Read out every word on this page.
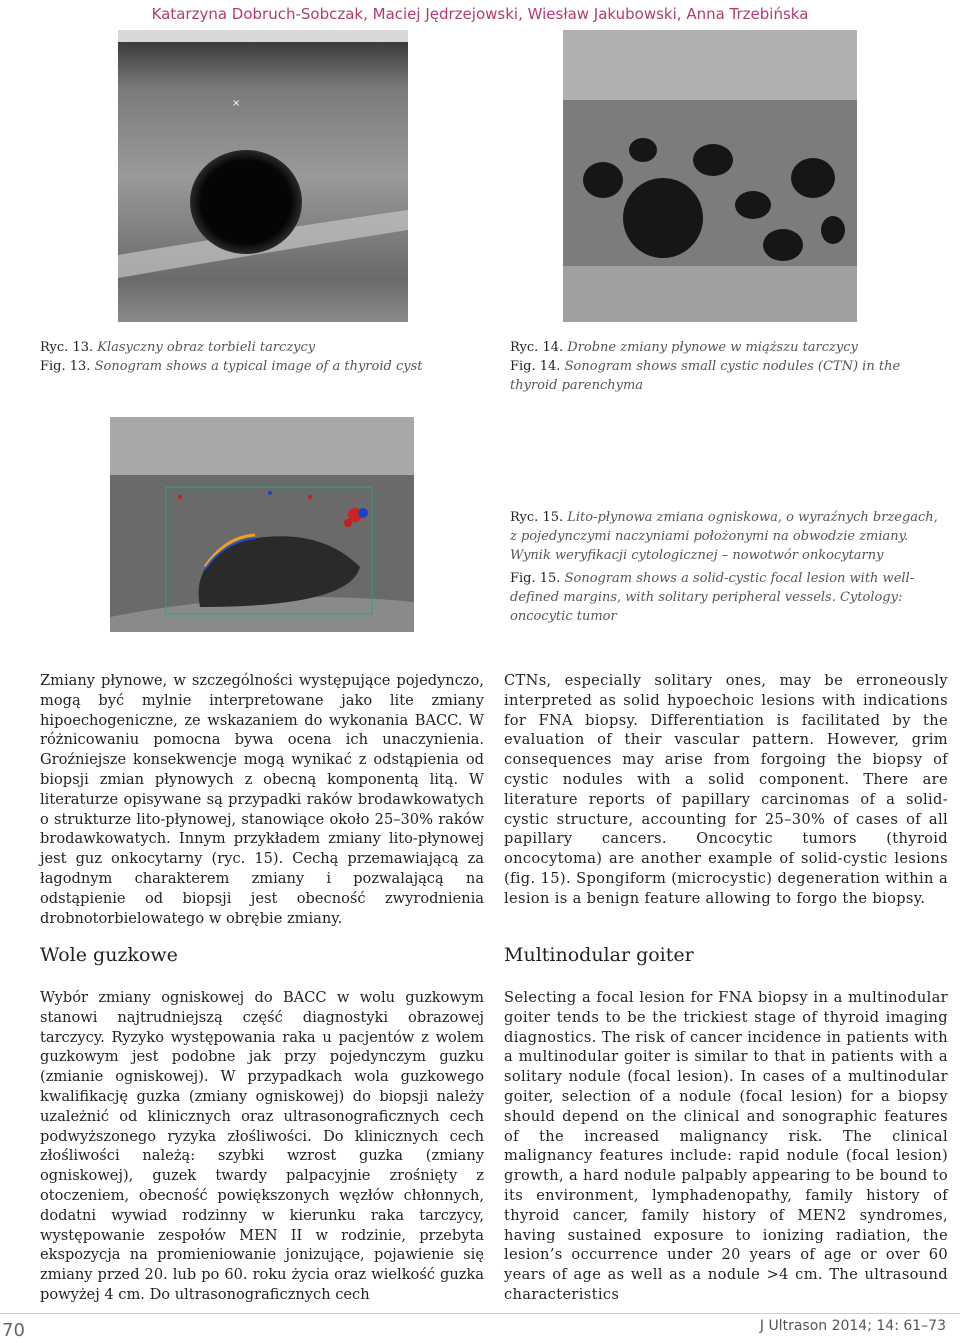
Katarzyna Dobruch-Sobczak, Maciej Jędrzejowski, Wiesław Jakubowski, Anna Trzebińska
×

Ryc. 13. Klasyczny obraz torbieli tarczycy

Fig. 13. Sonogram shows a typical image of a thyroid cyst

Ryc. 14. Drobne zmiany płynowe w miąższu tarczycy

Fig. 14. Sonogram shows small cystic nodules (CTN) in the thyroid parenchyma

Ryc. 15. Lito-płynowa zmiana ogniskowa, o wyraźnych brzegach, z pojedynczymi naczyniami położonymi na obwodzie zmiany. Wynik weryfikacji cytologicznej – nowotwór onkocytarny

Fig. 15. Sonogram shows a solid-cystic focal lesion with well-defined margins, with solitary peripheral vessels. Cytology: oncocytic tumor

Zmiany płynowe, w szczególności występujące pojedynczo, mogą być mylnie interpretowane jako lite zmiany hipoechogeniczne, ze wskazaniem do wykonania BACC. W różnicowaniu pomocna bywa ocena ich unaczynienia. Groźniejsze konsekwencje mogą wynikać z odstąpienia od biopsji zmian płynowych z obecną komponentą litą. W literaturze opisywane są przypadki raków brodawkowatych o strukturze lito-płynowej, stanowiące około 25–30% raków brodawkowatych. Innym przykładem zmiany lito-płynowej jest guz onkocytarny (ryc. 15). Cechą przemawiającą za łagodnym charakterem zmiany i pozwalającą na odstąpienie od biopsji jest obecność zwyrodnienia drobnotorbielowatego w obrębie zmiany.
CTNs, especially solitary ones, may be erroneously interpreted as solid hypoechoic lesions with indications for FNA biopsy. Differentiation is facilitated by the evaluation of their vascular pattern. However, grim consequences may arise from forgoing the biopsy of cystic nodules with a solid component. There are literature reports of papillary carcinomas of a solid-cystic structure, accounting for 25–30% of cases of all papillary cancers. Oncocytic tumors (thyroid oncocytoma) are another example of solid-cystic lesions (fig. 15). Spongiform (microcystic) degeneration within a lesion is a benign feature allowing to forgo the biopsy.
Wole guzkowe	Multinodular goiter
Wybór zmiany ogniskowej do BACC w wolu guzkowym stanowi najtrudniejszą część diagnostyki obrazowej tarczycy. Ryzyko występowania raka u pacjentów z wolem guzkowym jest podobne jak przy pojedynczym guzku (zmianie ogniskowej). W przypadkach wola guzkowego kwalifikację guzka (zmiany ogniskowej) do biopsji należy uzależnić od klinicznych oraz ultrasonograficznych cech podwyższonego ryzyka złośliwości. Do klinicznych cech złośliwości należą: szybki wzrost guzka (zmiany ogniskowej), guzek twardy palpacyjnie zrośnięty z otoczeniem, obecność powiększonych węzłów chłonnych, dodatni wywiad rodzinny w kierunku raka tarczycy, występowanie zespołów MEN II w rodzinie, przebyta ekspozycja na promieniowanie jonizujące, pojawienie się zmiany przed 20. lub po 60. roku życia oraz wielkość guzka powyżej 4 cm. Do ultrasonograficznych cech
Selecting a focal lesion for FNA biopsy in a multinodular goiter tends to be the trickiest stage of thyroid imaging diagnostics. The risk of cancer incidence in patients with a multinodular goiter is similar to that in patients with a solitary nodule (focal lesion). In cases of a multinodular goiter, selection of a nodule (focal lesion) for a biopsy should depend on the clinical and sonographic features of the increased malignancy risk. The clinical malignancy features include: rapid nodule (focal lesion) growth, a hard nodule palpably appearing to be bound to its environment, lymphadenopathy, family history of thyroid cancer, family history of MEN2 syndromes, having sustained exposure to ionizing radiation, the lesion’s occurrence under 20 years of age or over 60 years of age as well as a nodule >4 cm. The ultrasound characteristics
70	J Ultrason 2014; 14: 61–73
